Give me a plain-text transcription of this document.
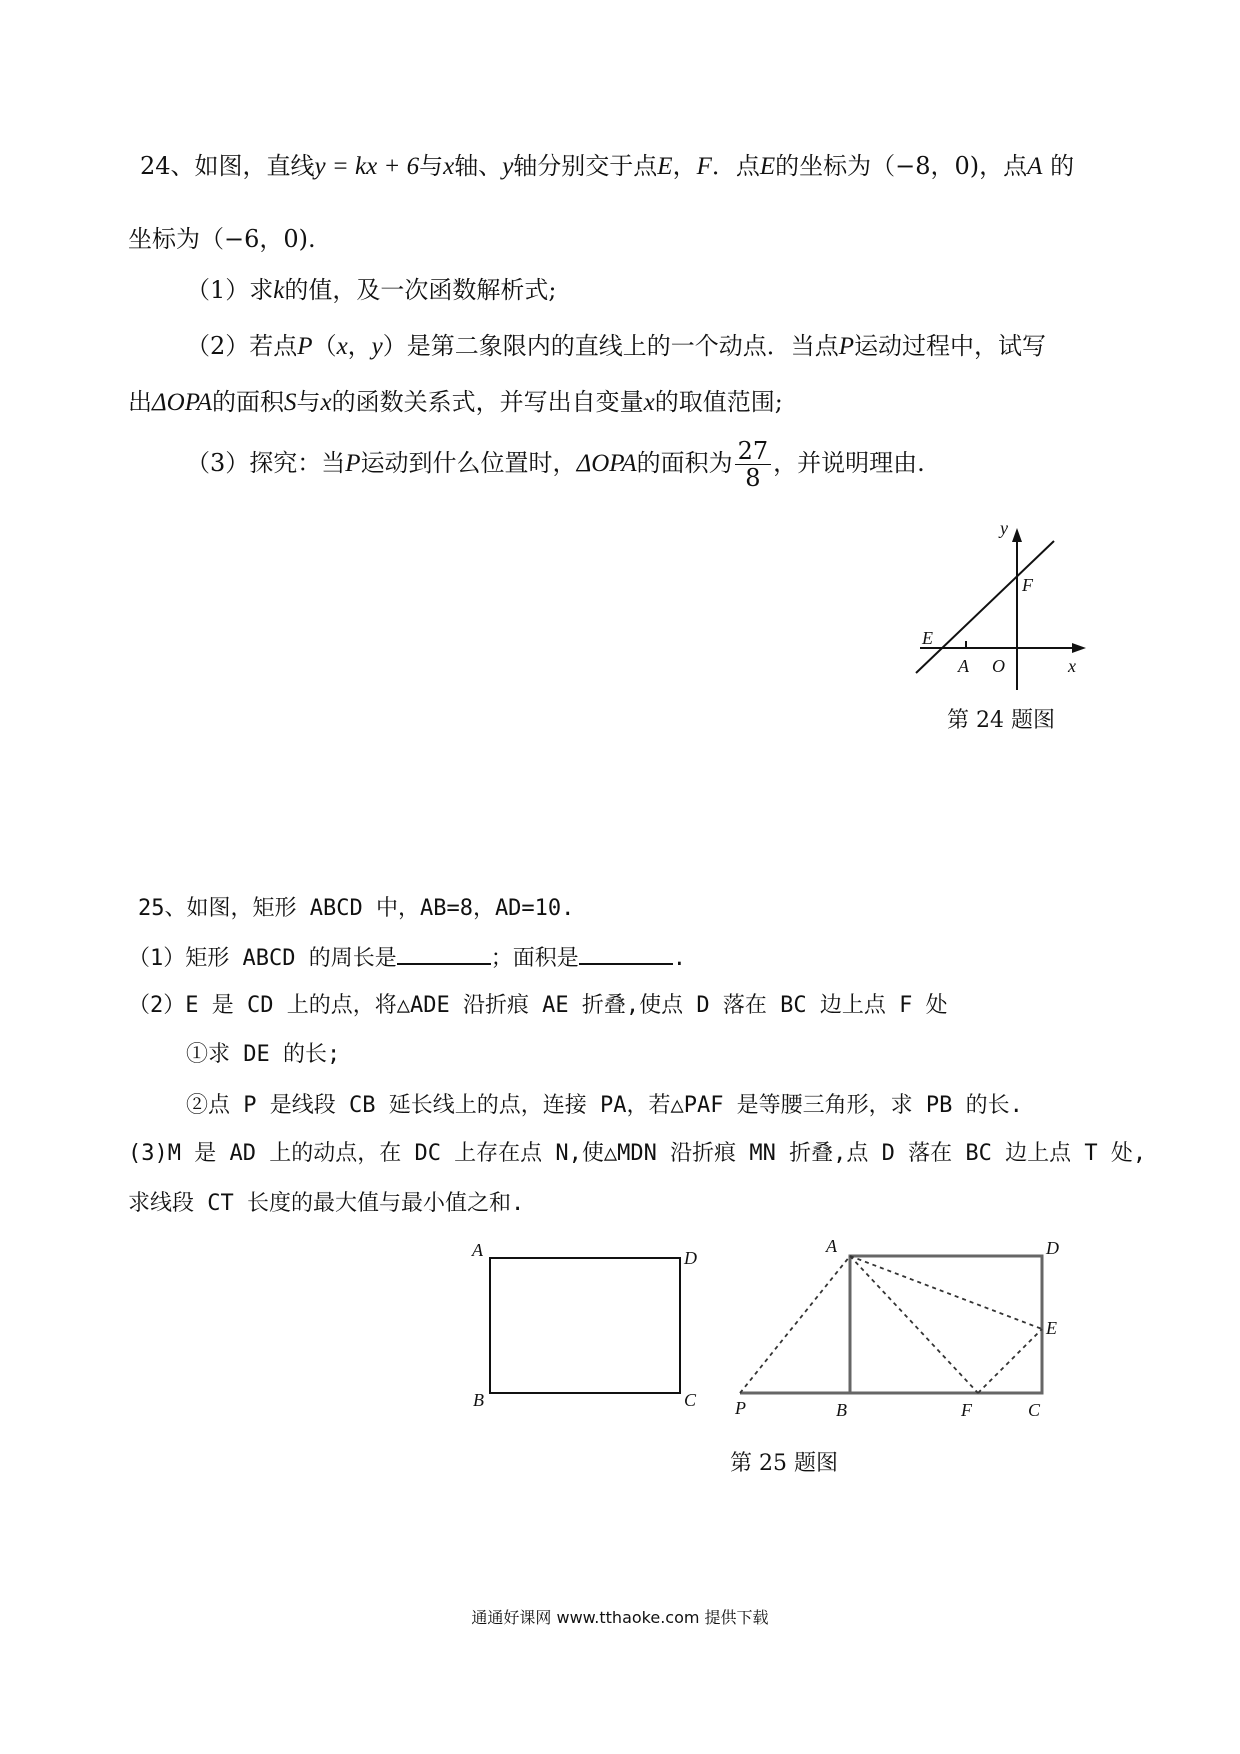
24、如图，直线y = kx + 6与x轴、y轴分别交于点E，F．点E的坐标为（−8，0)，点A 的
坐标为（−6，0).
（1）求k的值，及一次函数解析式;
（2）若点P（x，y）是第二象限内的直线上的一个动点．当点P运动过程中，试写
出ΔOPA的面积S与x的函数关系式，并写出自变量x的取值范围;
（3）探究：当P运动到什么位置时，ΔOPA的面积为 $\frac{27}{8}$ ，并说明理由.
y
F
E
A O	x
第 24 题图
25、如图，矩形 ABCD 中，AB=8，AD=10.
（1）矩形 ABCD 的周长是	；面积是	.
（2）E 是 CD 上的点，将△ADE 沿折痕 AE 折叠,使点 D 落在 BC 边上点 F 处
①求 DE 的长;
②点 P 是线段 CB 延长线上的点，连接 PA，若△PAF 是等腰三角形，求 PB 的长.
(3)M 是 AD 上的动点，在 DC 上存在点 N,使△MDN 沿折痕 MN 折叠,点 D 落在 BC 边上点 T 处,
求线段 CT 长度的最大值与最小值之和.
A	D
B	C
A	D
E
P	B	F	C
第 25 题图
通通好课网 www.tthaoke.com 提供下载
